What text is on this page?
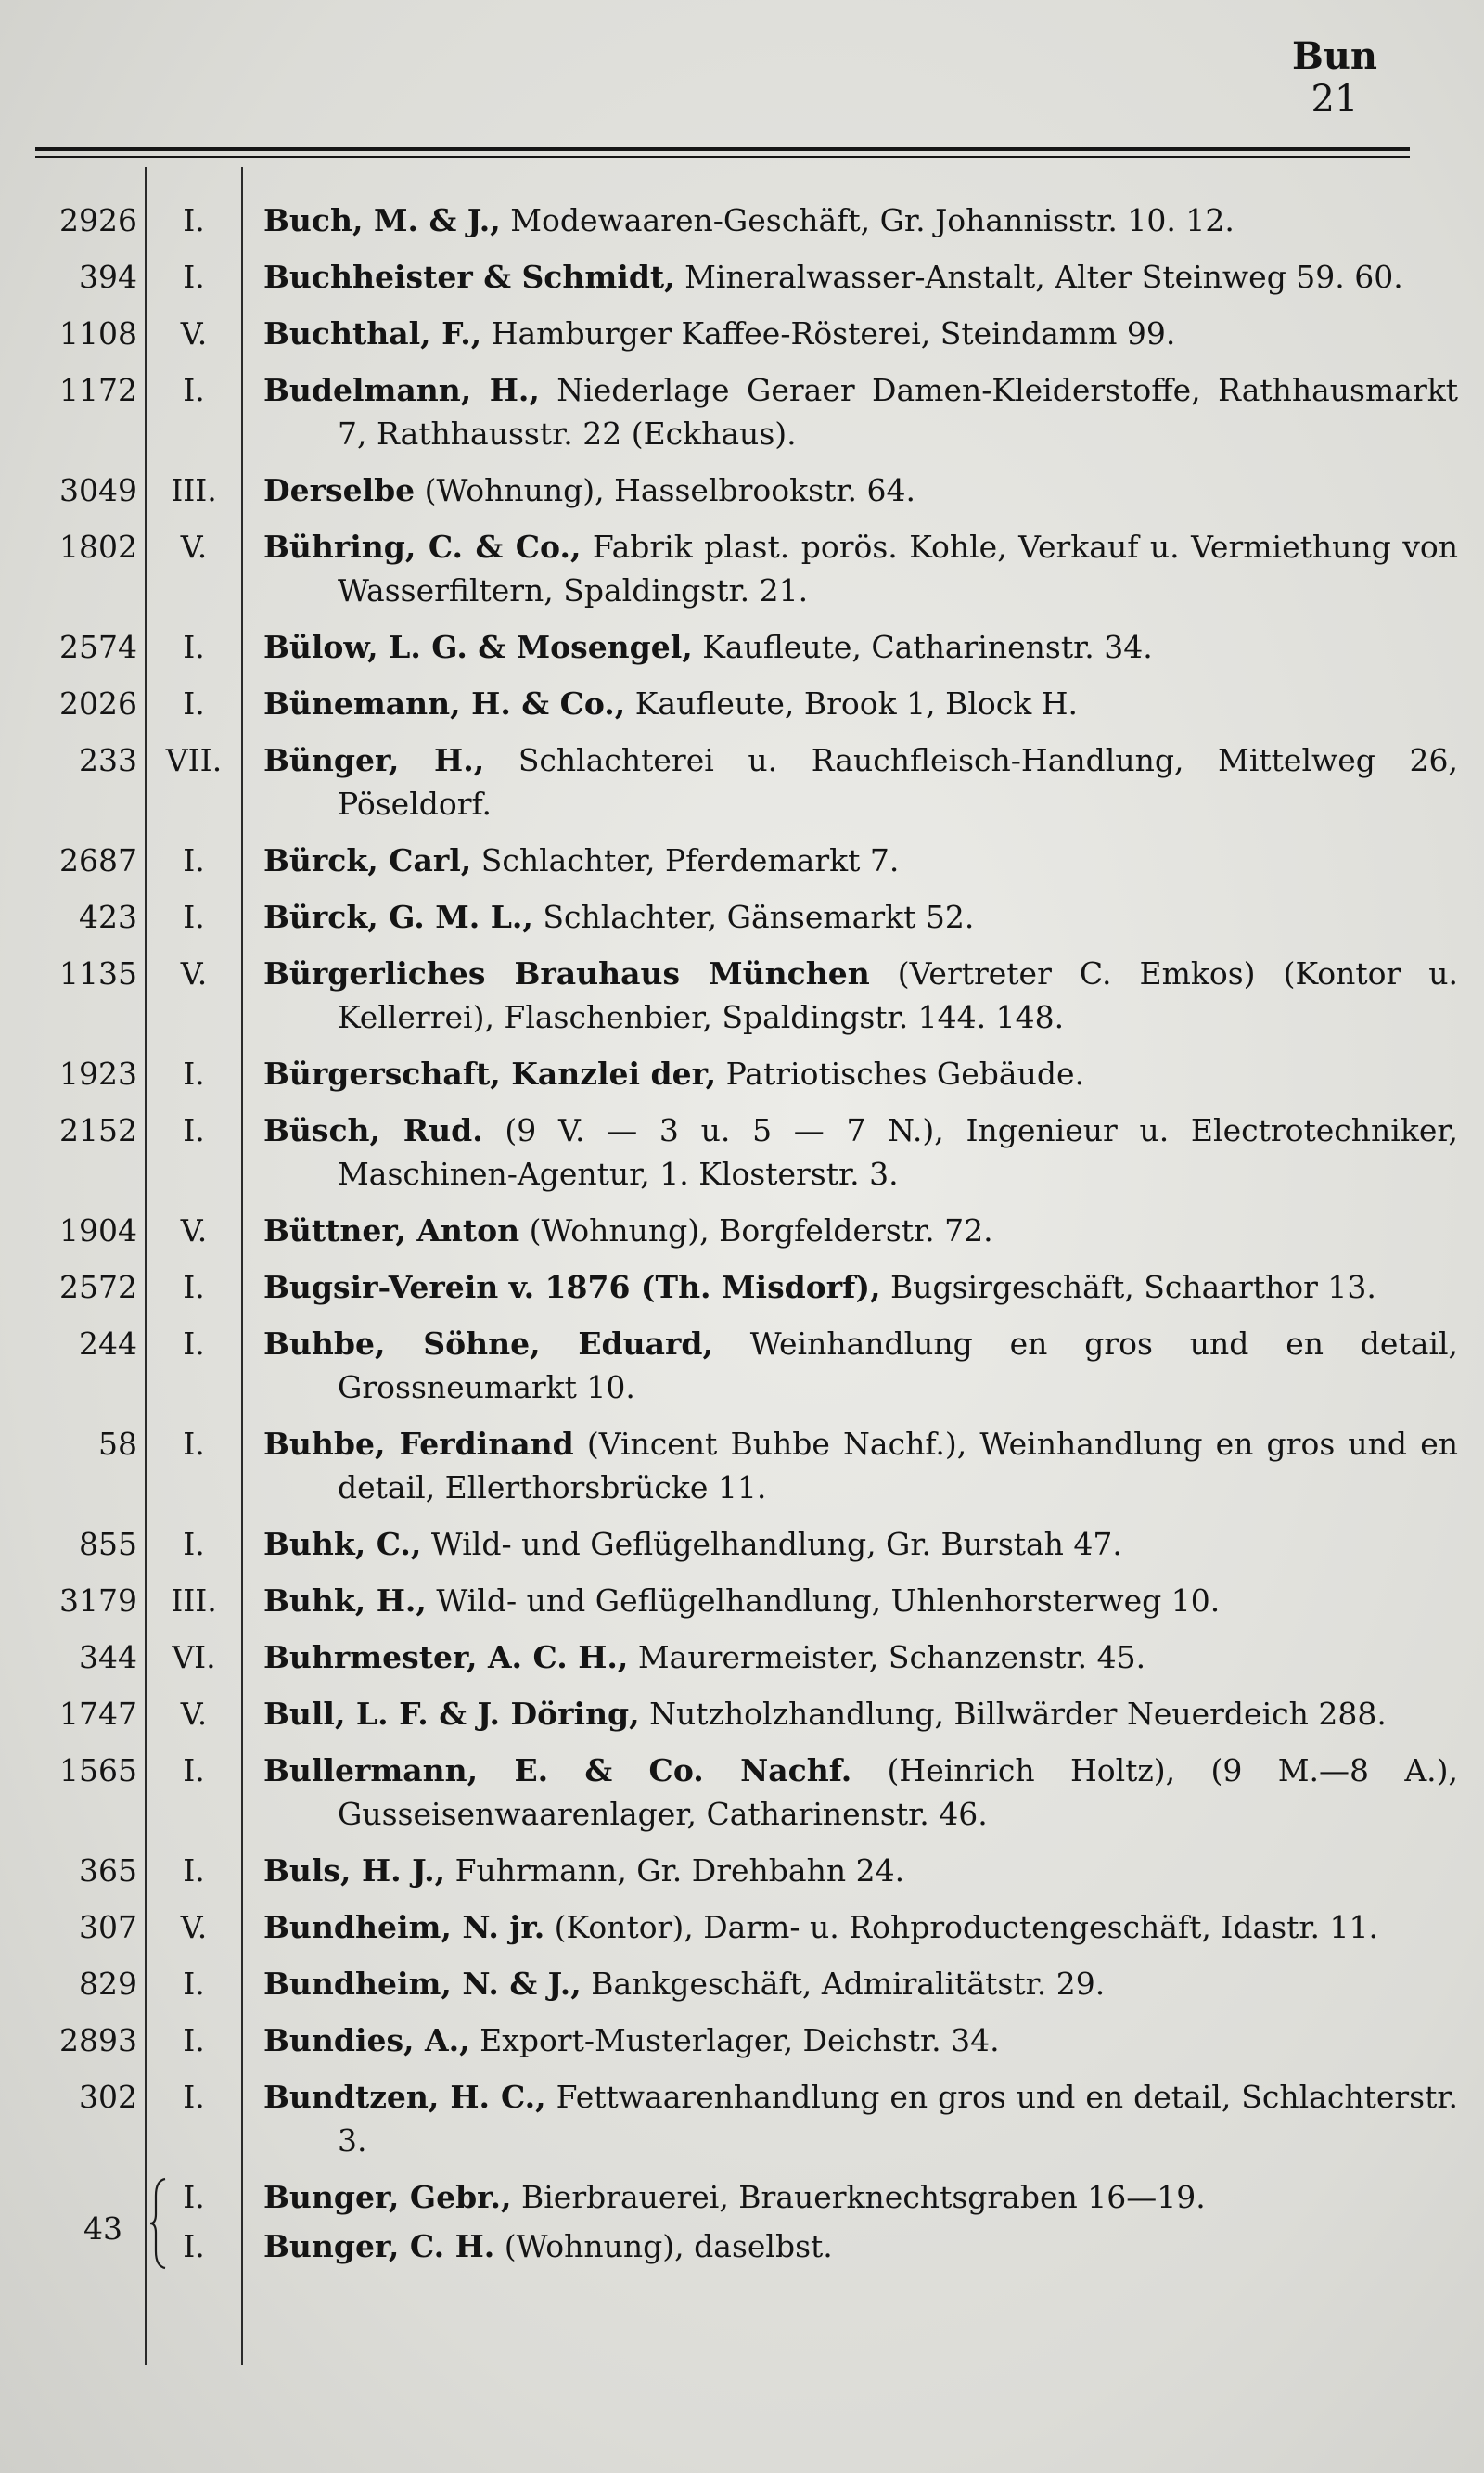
Bun
21
2926	I.	Buch, M. & J., Modewaaren-Geschäft, Gr. Johannisstr. 10. 12.
394	I.	Buchheister & Schmidt, Mineralwasser-Anstalt, Alter Steinweg 59. 60.
1108	V.	Buchthal, F., Hamburger Kaffee-Rösterei, Steindamm 99.
1172	I.	Budelmann, H., Niederlage Geraer Damen-Kleiderstoffe, Rathhausmarkt 7, Rathhausstr. 22 (Eckhaus).
3049	III.	Derselbe (Wohnung), Hasselbrookstr. 64.
1802	V.	Bühring, C. & Co., Fabrik plast. porös. Kohle, Verkauf u. Vermiethung von Wasserfiltern, Spaldingstr. 21.
2574	I.	Bülow, L. G. & Mosengel, Kaufleute, Catharinenstr. 34.
2026	I.	Bünemann, H. & Co., Kaufleute, Brook 1, Block H.
233 VII.	Bünger, H., Schlachterei u. Rauchfleisch-Handlung, Mittelweg 26, Pöseldorf.
2687	I.	Bürck, Carl, Schlachter, Pferdemarkt 7.
423	I.	Bürck, G. M. L., Schlachter, Gänsemarkt 52.
1135	V.	Bürgerliches Brauhaus München (Vertreter C. Emkos) (Kontor u. Kellerrei), Flaschenbier, Spaldingstr. 144. 148.
1923	I.	Bürgerschaft, Kanzlei der, Patriotisches Gebäude.
2152	I.	Büsch, Rud. (9 V. — 3 u. 5 — 7 N.), Ingenieur u. Electrotechniker, Maschinen-Agentur, 1. Klosterstr. 3.
1904	V.	Büttner, Anton (Wohnung), Borgfelderstr. 72.
2572	I.	Bugsir-Verein v. 1876 (Th. Misdorf), Bugsirgeschäft, Schaarthor 13.
244	I.	Buhbe, Söhne, Eduard, Weinhandlung en gros und en detail, Grossneumarkt 10.
58	I.	Buhbe, Ferdinand (Vincent Buhbe Nachf.), Weinhandlung en gros und en detail, Ellerthorsbrücke 11.
855	I.	Buhk, C., Wild- und Geflügelhandlung, Gr. Burstah 47.
3179	III.	Buhk, H., Wild- und Geflügelhandlung, Uhlenhorsterweg 10.
344	VI.	Buhrmester, A. C. H., Maurermeister, Schanzenstr. 45.
1747	V.	Bull, L. F. & J. Döring, Nutzholzhandlung, Billwärder Neuerdeich 288.
1565	I.	Bullermann, E. & Co. Nachf. (Heinrich Holtz), (9 M.—8 A.), Gusseisenwaarenlager, Catharinenstr. 46.
365	I.	Buls, H. J., Fuhrmann, Gr. Drehbahn 24.
307	V.	Bundheim, N. jr. (Kontor), Darm- u. Rohproductengeschäft, Idastr. 11.
829	I.	Bundheim, N. & J., Bankgeschäft, Admiralitätstr. 29.
2893	I.	Bundies, A., Export-Musterlager, Deichstr. 34.
302	I.	Bundtzen, H. C., Fettwaarenhandlung en gros und en detail, Schlachterstr. 3.
43
I.	Bunger, Gebr., Bierbrauerei, Brauerknechtsgraben 16—19.
I.	Bunger, C. H. (Wohnung), daselbst.
